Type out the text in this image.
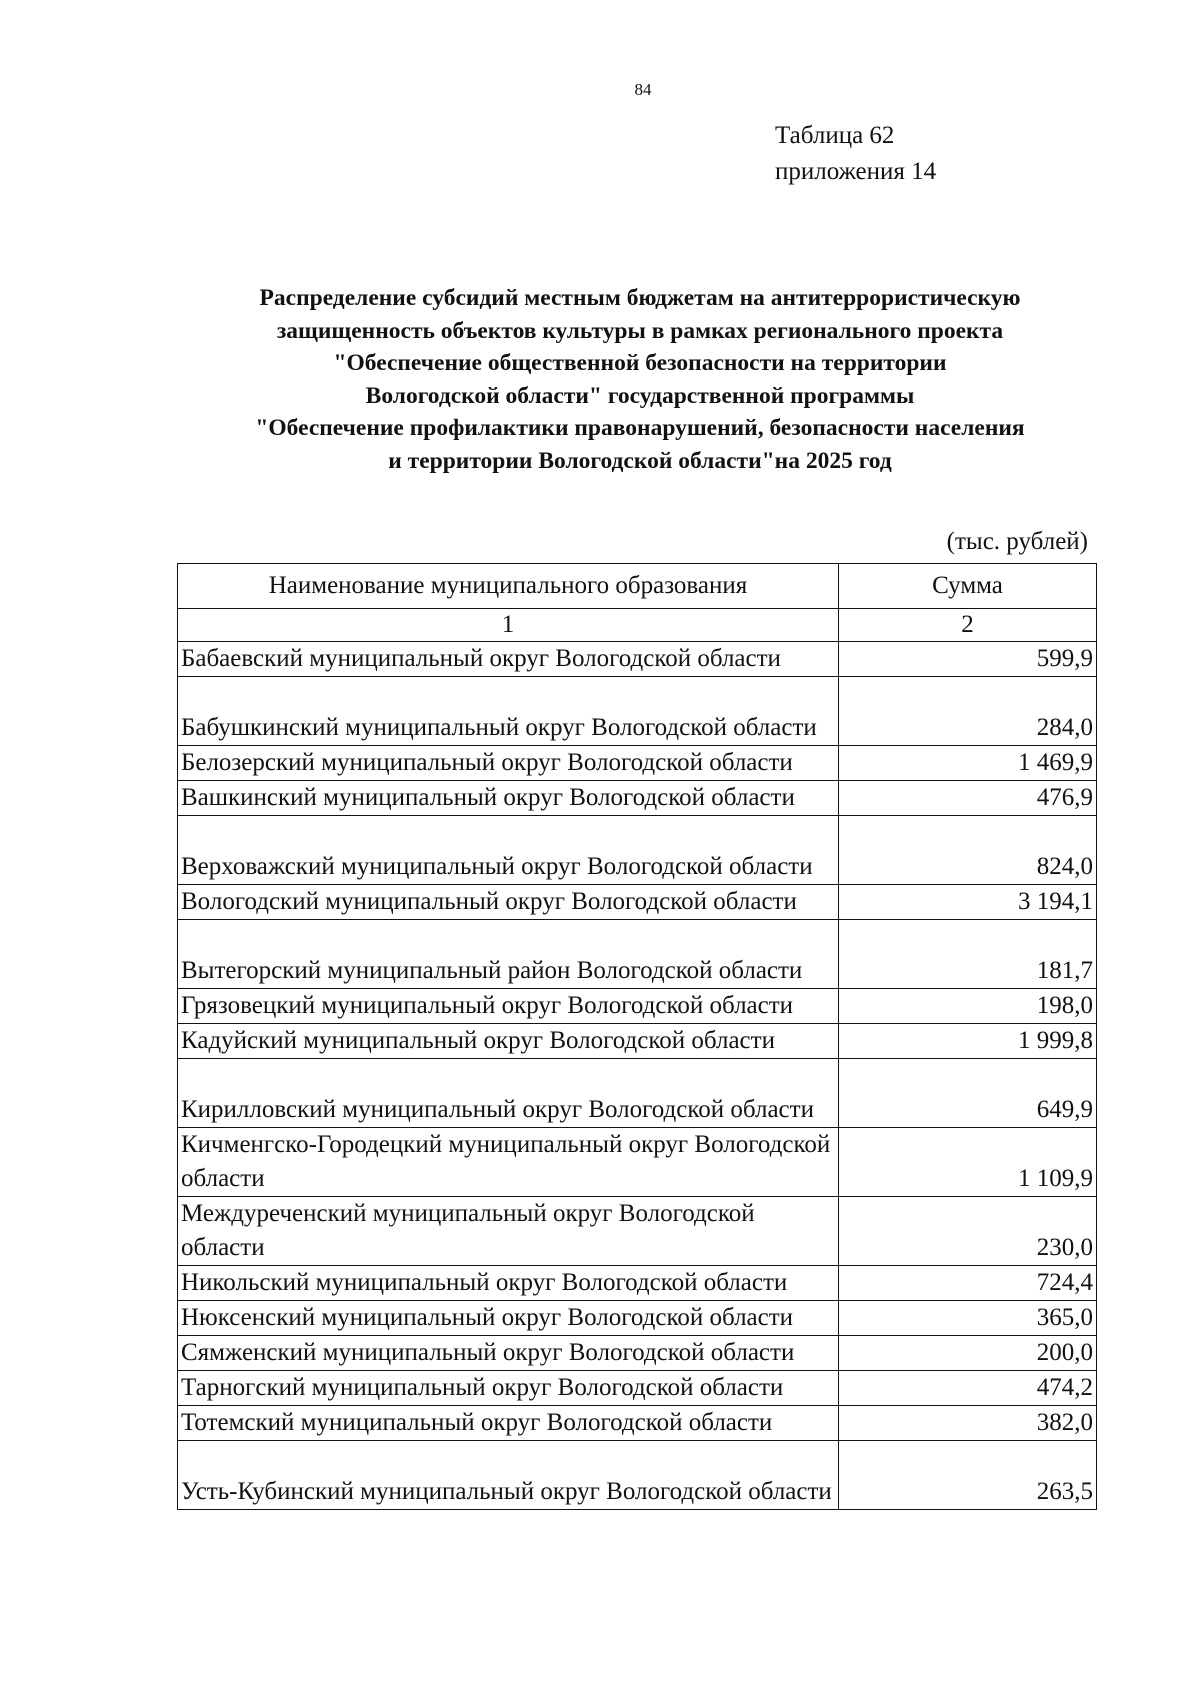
84
Таблица 62
приложения 14
Распределение субсидий местным бюджетам на антитеррористическую
защищенность объектов культуры в рамках регионального проекта
"Обеспечение общественной безопасности на территории
Вологодской области" государственной программы
"Обеспечение профилактики правонарушений, безопасности населения
и территории Вологодской области"на 2025 год
(тыс. рублей)
Наименование муниципального образования	Сумма
1	2
Бабаевский муниципальный округ Вологодской области	599,9
Бабушкинский муниципальный округ Вологодской области	284,0
Белозерский муниципальный округ Вологодской области	1 469,9
Вашкинский муниципальный округ Вологодской области	476,9
Верховажский муниципальный округ Вологодской области	824,0
Вологодский муниципальный округ Вологодской области	3 194,1
Вытегорский муниципальный район Вологодской области	181,7
Грязовецкий муниципальный округ Вологодской области	198,0
Кадуйский муниципальный округ Вологодской области	1 999,8
Кирилловский муниципальный округ Вологодской области	649,9
Кичменгско-Городецкий муниципальный округ Вологодской области	1 109,9
Междуреченский муниципальный округ Вологодской области	230,0
Никольский муниципальный округ Вологодской области	724,4
Нюксенский муниципальный округ Вологодской области	365,0
Сямженский муниципальный округ Вологодской области	200,0
Тарногский муниципальный округ Вологодской области	474,2
Тотемский муниципальный округ Вологодской области	382,0
Усть-Кубинский муниципальный округ Вологодской области	263,5
